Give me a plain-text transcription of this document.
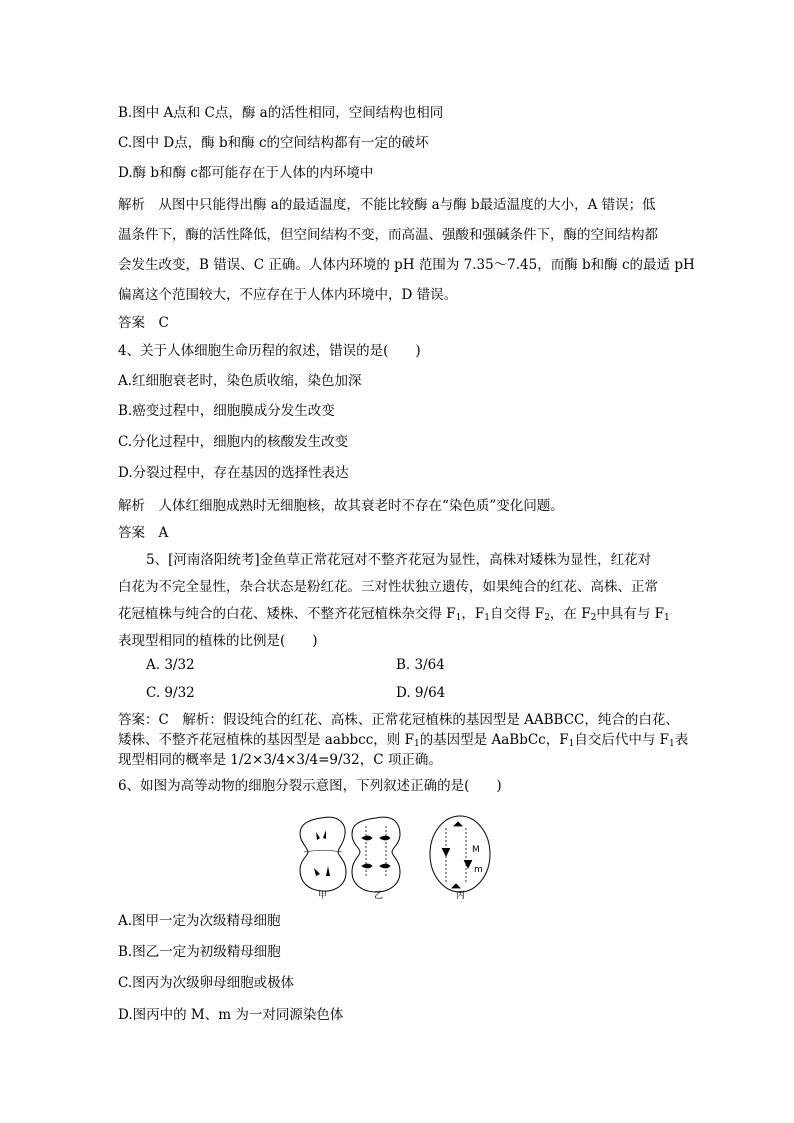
B.图中 A点和 C点，酶 a的活性相同，空间结构也相同
C.图中 D点，酶 b和酶 c的空间结构都有一定的破坏
D.酶 b和酶 c都可能存在于人体的内环境中
解析　从图中只能得出酶 a的最适温度，不能比较酶 a与酶 b最适温度的大小，A 错误；低
温条件下，酶的活性降低，但空间结构不变，而高温、强酸和强碱条件下，酶的空间结构都
会发生改变，B 错误、C 正确。人体内环境的 pH 范围为 7.35～7.45，而酶 b和酶 c的最适 pH
偏离这个范围较大，不应存在于人体内环境中，D 错误。
答案　C
4、关于人体细胞生命历程的叙述，错误的是(　　)
A.红细胞衰老时，染色质收缩，染色加深
B.癌变过程中，细胞膜成分发生改变
C.分化过程中，细胞内的核酸发生改变
D.分裂过程中，存在基因的选择性表达
解析　人体红细胞成熟时无细胞核，故其衰老时不存在“染色质”变化问题。
答案　A
5、[河南洛阳统考]金鱼草正常花冠对不整齐花冠为显性，高株对矮株为显性，红花对
白花为不完全显性，杂合状态是粉红花。三对性状独立遗传，如果纯合的红花、高株、正常
花冠植株与纯合的白花、矮株、不整齐花冠植株杂交得 $F_1$，$F_1$自交得 $F_2$，在 $F_2$中具有与 $F_1$
表现型相同的植株的比例是(　　)
A. 3/32	B. 3/64
C. 9/32	D. 9/64
答案：C　解析：假设纯合的红花、高株、正常花冠植株的基因型是 AABBCC，纯合的白花、
矮株、不整齐花冠植株的基因型是 aabbcc，则 $F_1$的基因型是 AaBbCc，$F_1$自交后代中与 $F_1$表
现型相同的概率是 1/2×3/4×3/4=9/32，C 项正确。
6、如图为高等动物的细胞分裂示意图，下列叙述正确的是(　　)
M
m
甲	乙	丙
A.图甲一定为次级精母细胞
B.图乙一定为初级精母细胞
C.图丙为次级卵母细胞或极体
D.图丙中的 M、m 为一对同源染色体
